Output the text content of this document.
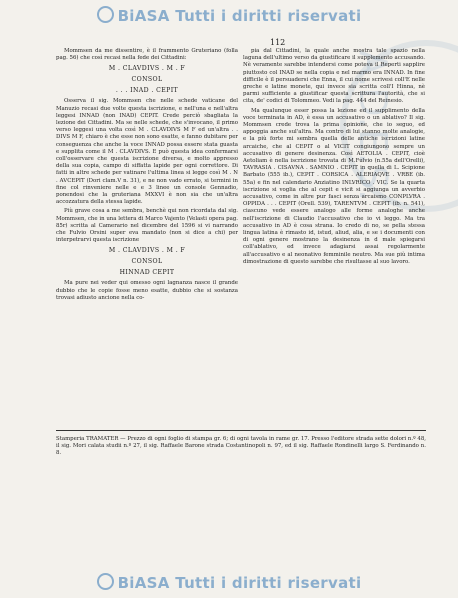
A.D.E.S.
BiASA Tutti i diritti riservati
112

Mommsen da me dissentire, è il frammento Gruteriano (folla pag. 56) che così recasi nella fede dei Cittadini:

M . CLAVDIVS . M . F
CONSOL
. . . INAD . CEPIT

Osserva il sig. Mommsen che nelle schede vaticane del Manuzio recasi due volte questa iscrizione, e nell'una e nell'altra leggesi INNAD (non INAD) CEPIT. Crede perciò sbagliata la lezione dei Cittadini. Ma se nelle schede, che s'invocano, il primo verso leggesi una volta così M . CLAVDIVS M F ed un'altra . . DIVS M F, chiaro è che esse non sono esatte, e fanno dubitare per conseguenza che anche la voce INNAD possa essere stata guasta e supplita come il M . CLAVDIVS. E può questa idea confermarsi coll'osservare che questa iscrizione diversa, e molto appresso della sua copia, campo di siffatta lapide per ogni correttore. Di fatti in altre schede per vatinare l'ultima linea si legge così M . N . AVCEPIT (Dori clam.V n. 31), e ne non vado errato, si termini in fine col rinveniere nelle e e 3 linee un console Gennadio, ponendosi che la gruteriana MXXVI è non sia che un'altra accozzatura della stessa lapide.

Più grave cosa a me sembra, benchè qui non ricordata dal sig. Mommsen, che in una lettera di Marco Vajento (Velasti opera pag. 85r) scritta al Camerario nel dicembre del 1596 si vi narrando che Fulvio Orsini super eva mandato (non si dice a chi) per interpetrarvi questa iscrizione

M . CLAVDIVS . M . F
CONSOL
HINNAD CEPIT

Ma pure nei veder qui omesso ogni lagnanza nasce il grande dubbio che le copie fosse meno esatte, dubbio che si sostanza trovasi adiusto ancione nella co-

pia dal Cittadini, la quale anche mostra tale spazio nella laguna dell'ultimo verso da giustificare il supplemento accusando. Nè veramente sarebbe intendersi come poteva il Reperti sapplire piuttosto col INAD se nella copia e nel marmo era INNAD. In fine difficile è il persuadersi che Enna, il cui nome scrivesi coll'E nelle greche e latine monete, qui invece sia scritta coll'I Hinna, nè parmi sufficiente a giustificar questa scrittura l'autorità, che si cita, de' codici di Tolommeo. Vedi la pag. 444 del Reinesio.

Ma qualunque esser possa la lezione ed il supplimento della voce terminata in AD, è essa un accusativo o un ablativo? Il sig. Mommsen crede trova la prima opinione, che io seguo, ed appoggia anche sul'altra. Ma contro di lui stanno molte analogie, e la più forte mi sembra quella delle antiche iscrizioni latine arcaiche, che al CEPIT o al VICIT congiungono sempre un accusativo di genere desinenza. Così AETOLIA . CEPIT, cioè Aetoliam è nella iscrizione trovata di M.Fulvio (n.55a dell'Orelli), TAVRASIA . CISAVNA . SAMNIO . CEPIT in quella di L. Scipione Barbato (555 ib.), CEPIT . CORSICA . ALERIAQVE . VRBE (ib. 55a) e fin nel calendario Anziatino INLVRICO . VIC. Se la quarta iscrizione si voglia che al cepit e vicit si aggiunga un avverbio accusativo, come in altre pur fasci senza arcaismo CONPLVRA . OPPIDA . . . CEPIT (Orell. 539), TARENTVM . CEPIT (ib. n. 541), ciascuno vede essere analogo alle forme analoghe anche nell'iscrizione di Claudio l'accusativo che io vi leggo. Ma tra accusativo in AD è cosa strana. Io credo di no, se pella stessa lingua latina è rimasto id, istud, aliud, alia, e se i documenti con di ogni genere mostrano la desinenza in d male spiegarsi coll'ablativo, ed invece adagiarsi assai regolarmente all'accusativo e al neonativo femminile neutro. Ma sue più intima dimostrazione di questo sarebbe che risultasse al suo lavoro.

Stamperia TRAMATER — Prezzo di ogni foglio di stampa gr. 6; di ogni tavola in rame gr. 17. Presso l'editore strada sette dolori n.º 48, il sig. Mori calata studii n.º 27, il sig. Raffaele Barone strada Costantinopoli n. 97, ed il sig. Raffaele Rondinelli largo S. Ferdinando n. 8.
BiASA Tutti i diritti riservati
